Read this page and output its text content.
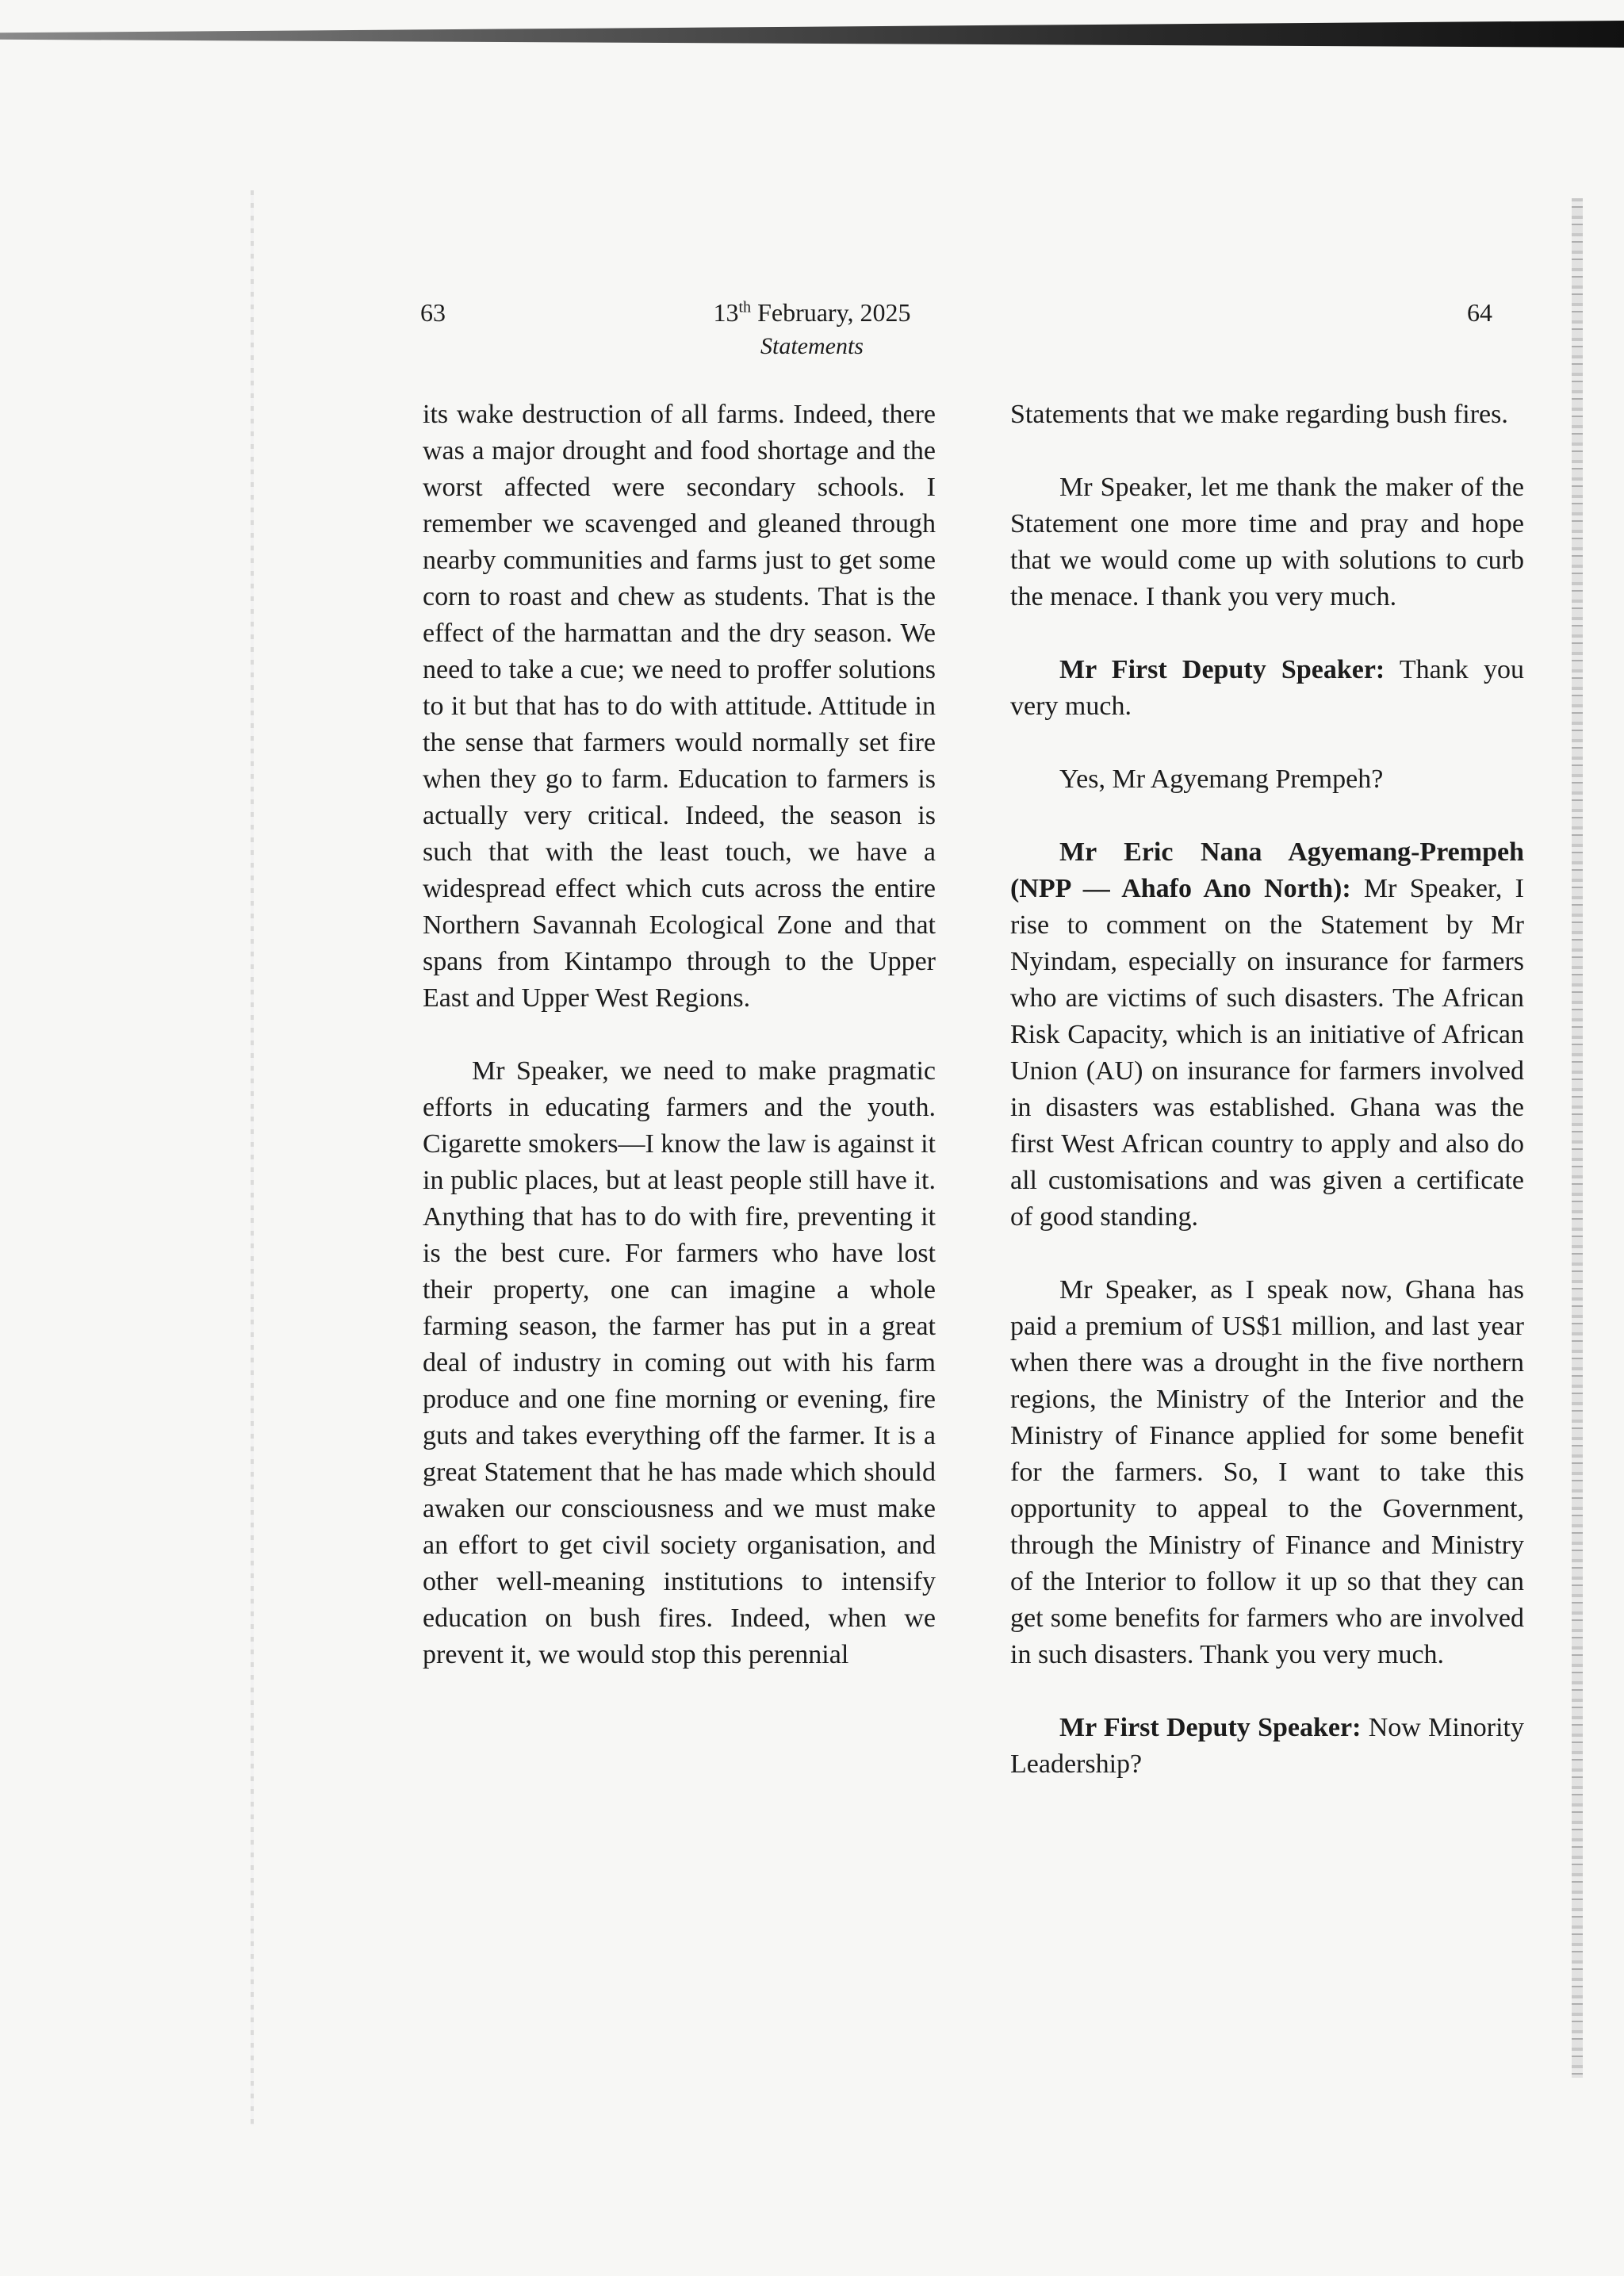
63	13th February, 2025
Statements
64

its wake destruction of all farms. Indeed, there was a major drought and food shortage and the worst affected were secondary schools. I remember we scavenged and gleaned through nearby communities and farms just to get some corn to roast and chew as students. That is the effect of the harmattan and the dry season. We need to take a cue; we need to proffer solutions to it but that has to do with attitude. Attitude in the sense that farmers would normally set fire when they go to farm. Education to farmers is actually very critical. Indeed, the season is such that with the least touch, we have a widespread effect which cuts across the entire Northern Savannah Ecological Zone and that spans from Kintampo through to the Upper East and Upper West Regions.

Mr Speaker, we need to make pragmatic efforts in educating farmers and the youth. Cigarette smokers—I know the law is against it in public places, but at least people still have it. Anything that has to do with fire, preventing it is the best cure. For farmers who have lost their property, one can imagine a whole farming season, the farmer has put in a great deal of industry in coming out with his farm produce and one fine morning or evening, fire guts and takes everything off the farmer. It is a great Statement that he has made which should awaken our consciousness and we must make an effort to get civil society organisation, and other well-meaning institutions to intensify education on bush fires. Indeed, when we prevent it, we would stop this perennial

Statements that we make regarding bush fires.

Mr Speaker, let me thank the maker of the Statement one more time and pray and hope that we would come up with solutions to curb the menace. I thank you very much.

Mr First Deputy Speaker: Thank you very much.

Yes, Mr Agyemang Prempeh?

Mr Eric Nana Agyemang-Prempeh (NPP — Ahafo Ano North): Mr Speaker, I rise to comment on the Statement by Mr Nyindam, especially on insurance for farmers who are victims of such disasters. The African Risk Capacity, which is an initiative of African Union (AU) on insurance for farmers involved in disasters was established. Ghana was the first West African country to apply and also do all customisations and was given a certificate of good standing.

Mr Speaker, as I speak now, Ghana has paid a premium of US$1 million, and last year when there was a drought in the five northern regions, the Ministry of the Interior and the Ministry of Finance applied for some benefit for the farmers. So, I want to take this opportunity to appeal to the Government, through the Ministry of Finance and Ministry of the Interior to follow it up so that they can get some benefits for farmers who are involved in such disasters. Thank you very much.

Mr First Deputy Speaker: Now Minority Leadership?
